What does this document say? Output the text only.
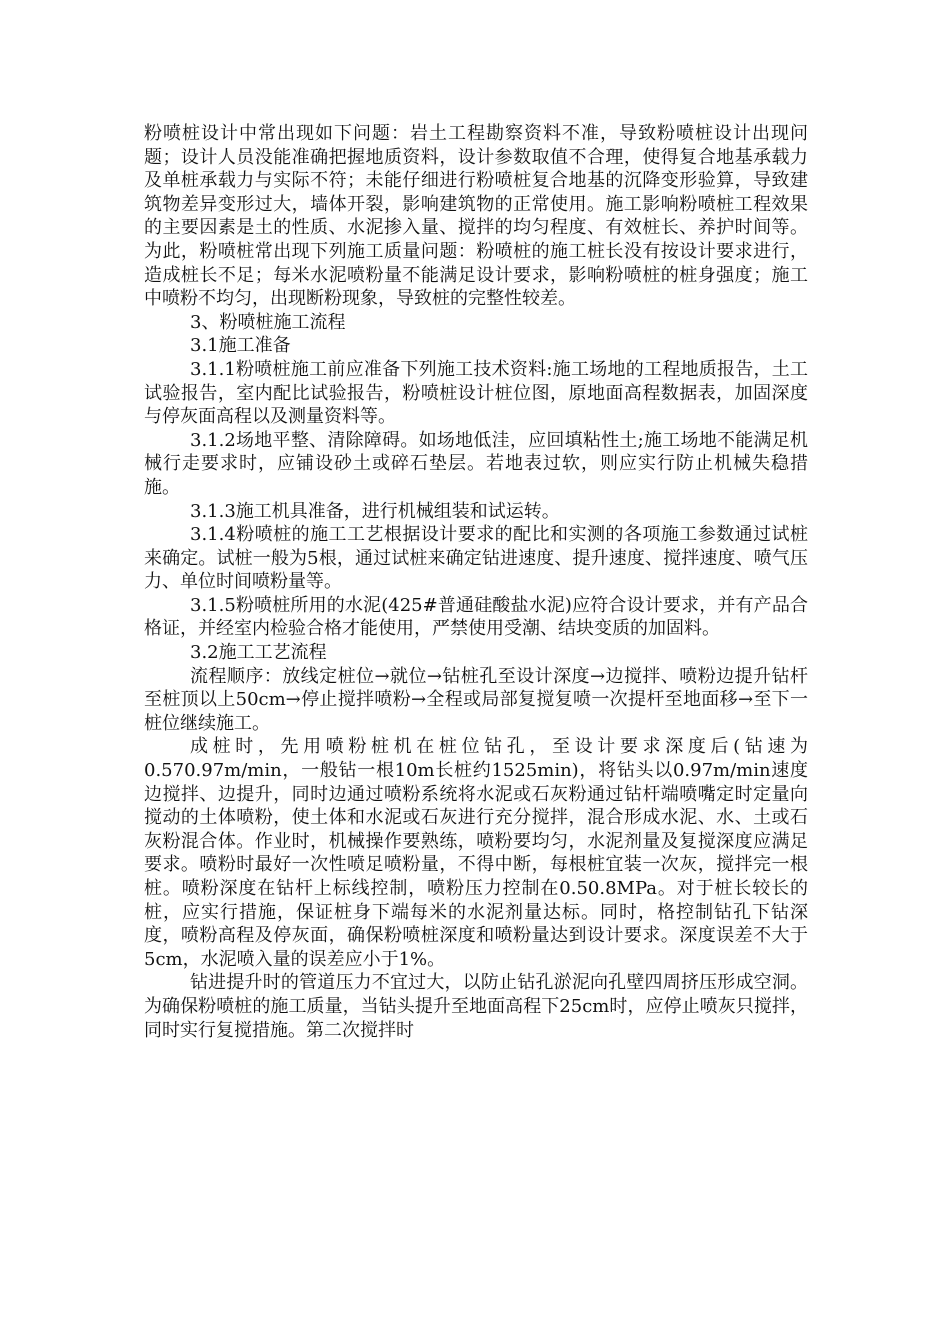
粉喷桩设计中常出现如下问题：岩土工程勘察资料不准，导致粉喷桩设计出现问题；设计人员没能准确把握地质资料，设计参数取值不合理，使得复合地基承载力及单桩承载力与实际不符；未能仔细进行粉喷桩复合地基的沉降变形验算，导致建筑物差异变形过大，墙体开裂，影响建筑物的正常使用。施工影响粉喷桩工程效果的主要因素是土的性质、水泥掺入量、搅拌的均匀程度、有效桩长、养护时间等。为此，粉喷桩常出现下列施工质量问题：粉喷桩的施工桩长没有按设计要求进行，造成桩长不足；每米水泥喷粉量不能满足设计要求，影响粉喷桩的桩身强度；施工中喷粉不均匀，出现断粉现象，导致桩的完整性较差。

3、粉喷桩施工流程

3.1施工准备

3.1.1粉喷桩施工前应准备下列施工技术资料:施工场地的工程地质报告，土工试验报告，室内配比试验报告，粉喷桩设计桩位图，原地面高程数据表，加固深度与停灰面高程以及测量资料等。

3.1.2场地平整、清除障碍。如场地低洼，应回填粘性土;施工场地不能满足机械行走要求时，应铺设砂土或碎石垫层。若地表过软，则应实行防止机械失稳措施。

3.1.3施工机具准备，进行机械组装和试运转。

3.1.4粉喷桩的施工工艺根据设计要求的配比和实测的各项施工参数通过试桩来确定。试桩一般为5根，通过试桩来确定钻进速度、提升速度、搅拌速度、喷气压力、单位时间喷粉量等。

3.1.5粉喷桩所用的水泥(425#普通硅酸盐水泥)应符合设计要求，并有产品合格证，并经室内检验合格才能使用，严禁使用受潮、结块变质的加固料。

3.2施工工艺流程

流程顺序：放线定桩位→就位→钻桩孔至设计深度→边搅拌、喷粉边提升钻杆至桩顶以上50cm→停止搅拌喷粉→全程或局部复搅复喷一次提杆至地面移→至下一桩位继续施工。

成桩时，先用喷粉桩机在桩位钻孔，至设计要求深度后(钻速为0.570.97m/min，一般钻一根10m长桩约1525min)，将钻头以0.97m/min速度边搅拌、边提升，同时边通过喷粉系统将水泥或石灰粉通过钻杆端喷嘴定时定量向搅动的土体喷粉，使土体和水泥或石灰进行充分搅拌，混合形成水泥、水、土或石灰粉混合体。作业时，机械操作要熟练，喷粉要均匀，水泥剂量及复搅深度应满足要求。喷粉时最好一次性喷足喷粉量，不得中断，每根桩宜装一次灰，搅拌完一根桩。喷粉深度在钻杆上标线控制，喷粉压力控制在0.50.8MPa。对于桩长较长的桩，应实行措施，保证桩身下端每米的水泥剂量达标。同时，格控制钻孔下钻深度，喷粉高程及停灰面，确保粉喷桩深度和喷粉量达到设计要求。深度误差不大于5cm，水泥喷入量的误差应小于1%。

钻进提升时的管道压力不宜过大，以防止钻孔淤泥向孔壁四周挤压形成空洞。为确保粉喷桩的施工质量，当钻头提升至地面高程下25cm时，应停止喷灰只搅拌，同时实行复搅措施。第二次搅拌时
